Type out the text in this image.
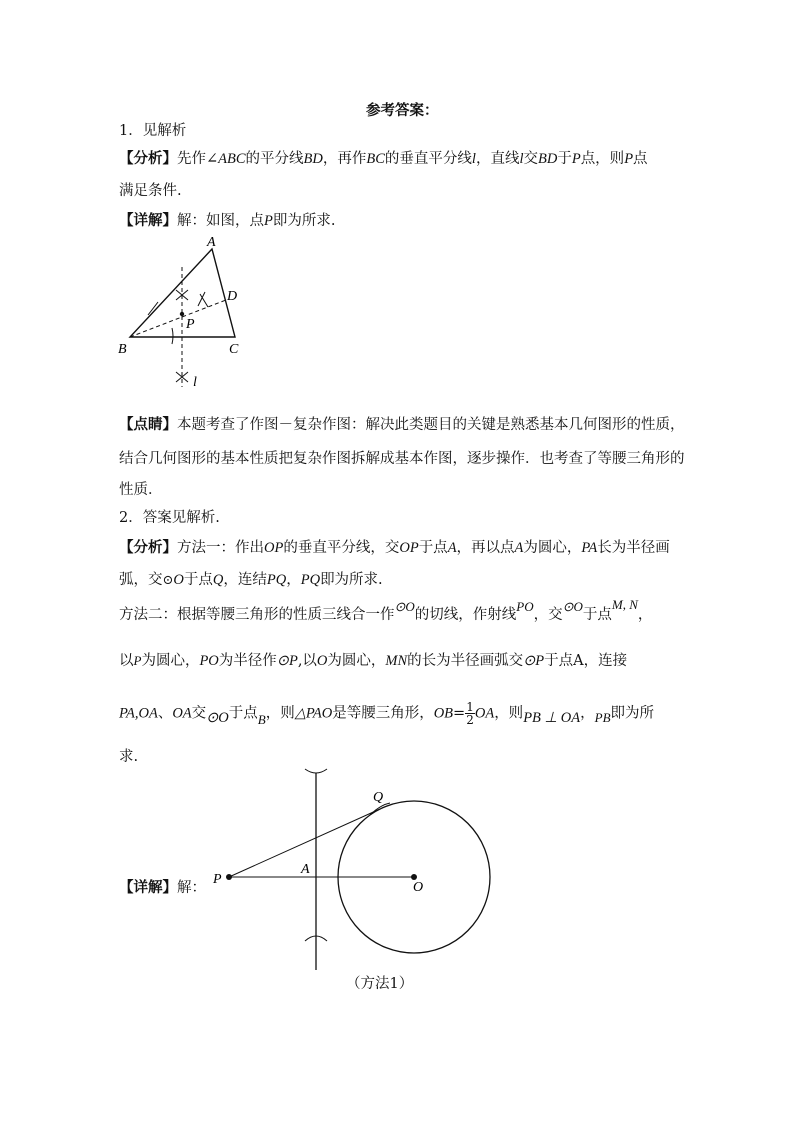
参考答案：
1．见解析
【分析】先作∠ABC的平分线BD，再作BC的垂直平分线l，直线l交BD于P点，则P点
满足条件.
【详解】解：如图，点P即为所求.
A
B	C
D
P
l
【点睛】本题考查了作图－复杂作图：解决此类题目的关键是熟悉基本几何图形的性质，
结合几何图形的基本性质把复杂作图拆解成基本作图，逐步操作．也考查了等腰三角形的
性质．
2．答案见解析.
【分析】方法一：作出OP的垂直平分线，交OP于点A，再以点A为圆心，PA长为半径画
弧，交⊙O于点Q，连结PQ，PQ即为所求.
方法二：根据等腰三角形的性质三线合一作⊙O的切线，作射线PO，交⊙O于点M, N，
以P为圆心，PO为半径作⊙P,以O为圆心，MN的长为半径画弧交⊙P于点A，连接
PA,OA、OA交⊙O于点B，则△PAO是等腰三角形，$OB= \frac{1}{2}$ OA，则PB ⊥ OA，PB即为所
求.
【详解】解：
P
A
O
Q
（方法1）
